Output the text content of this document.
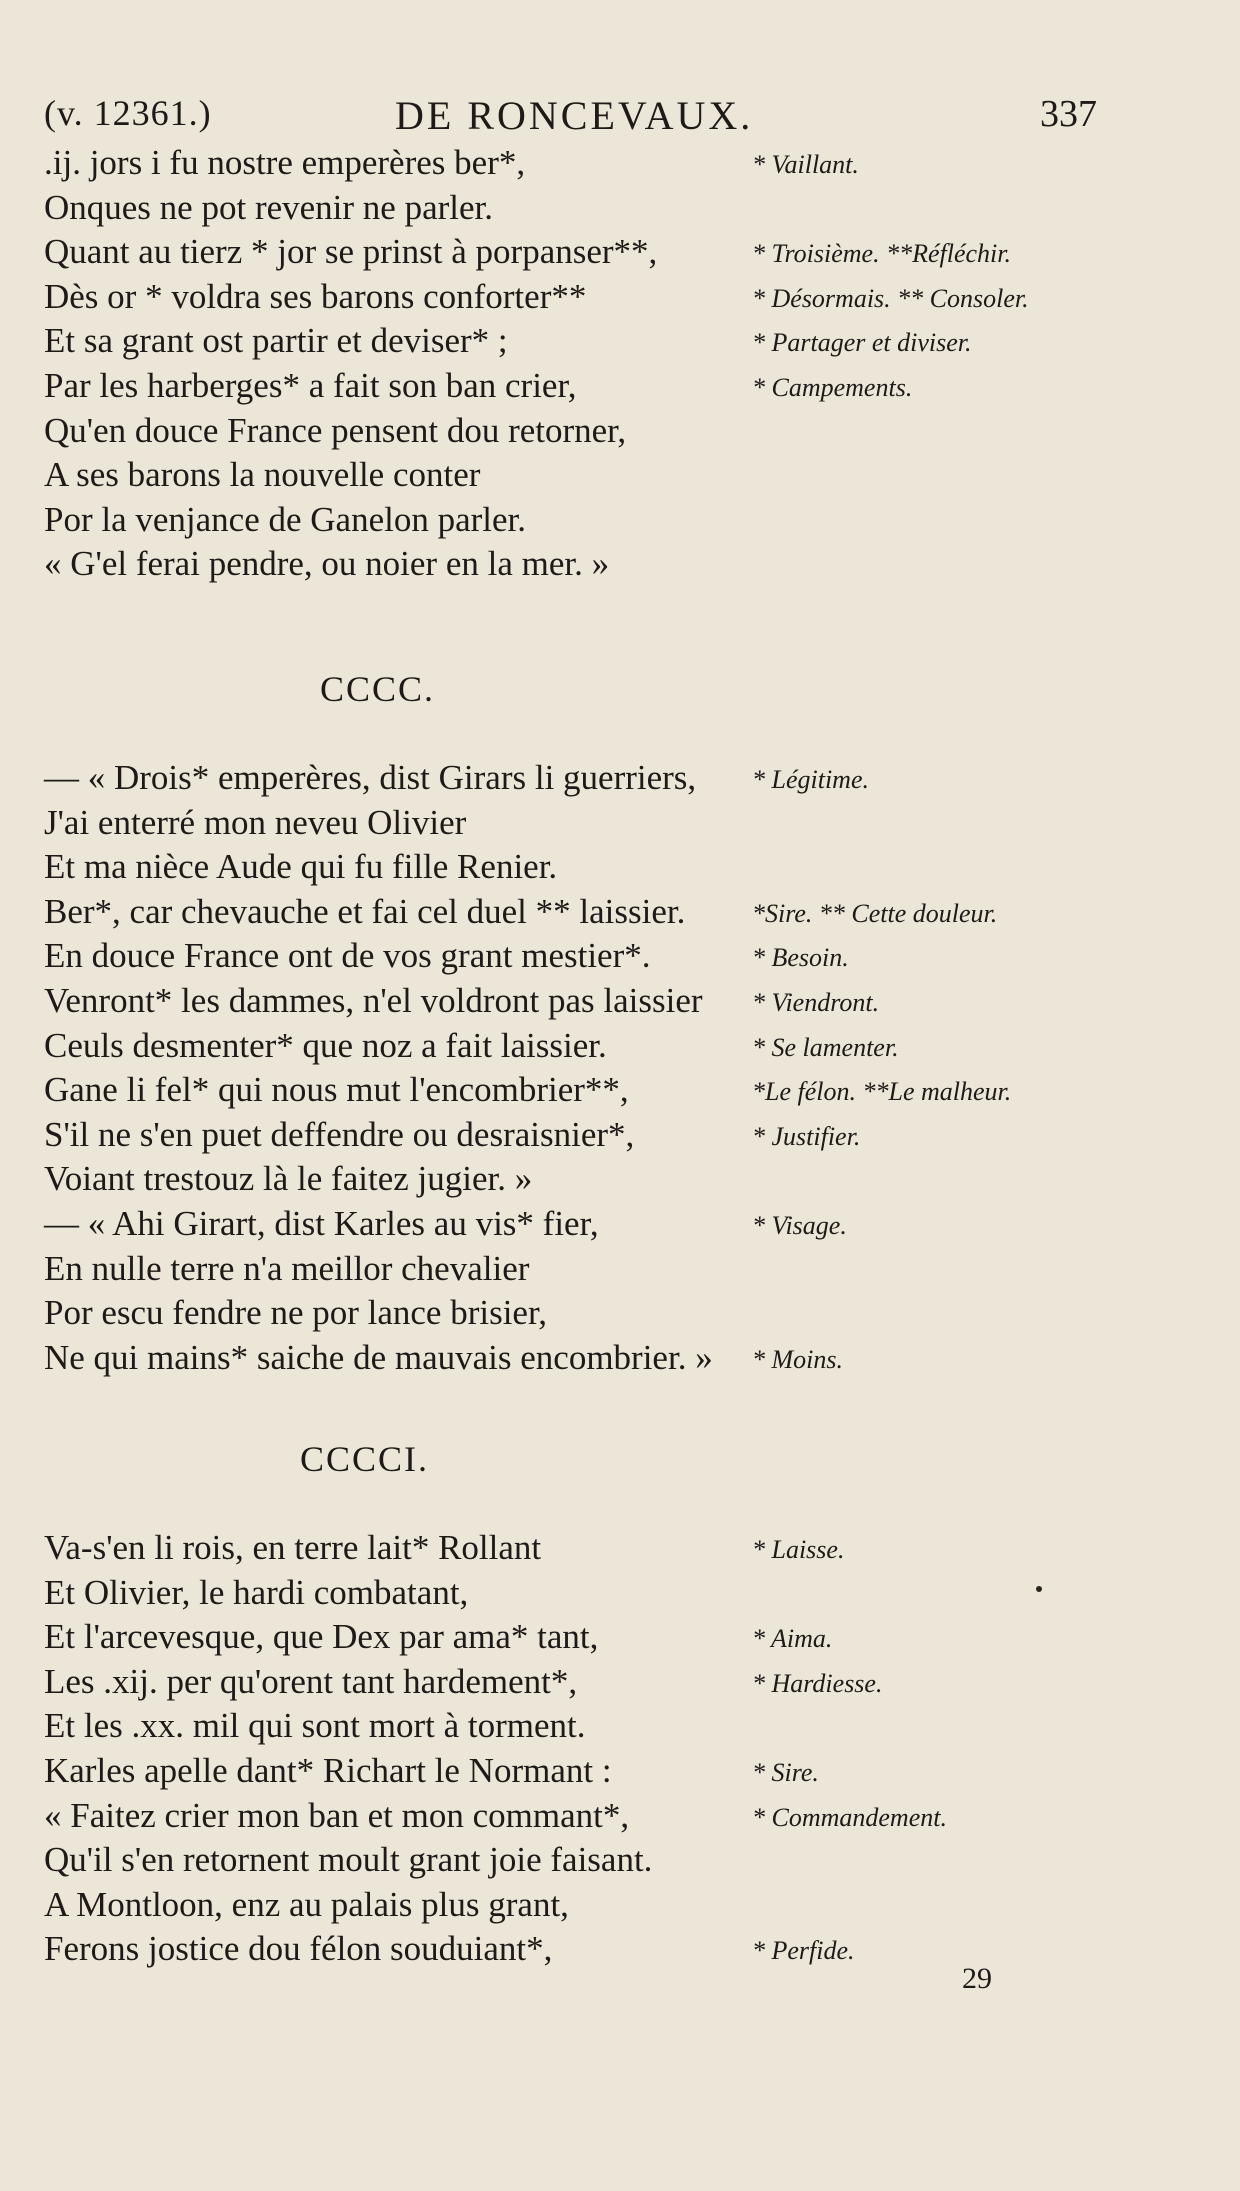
(v. 12361.)	DE RONCEVAUX.	337
.ij. jors i fu nostre emperères ber*,	* Vaillant.
Onques ne pot revenir ne parler.
Quant au tierz * jor se prinst à porpanser**,	* Troisième. **Réfléchir.
Dès or * voldra ses barons conforter**	* Désormais. ** Consoler.
Et sa grant ost partir et deviser* ;	* Partager et diviser.
Par les harberges* a fait son ban crier,	* Campements.
Qu'en douce France pensent dou retorner,
A ses barons la nouvelle conter
Por la venjance de Ganelon parler.
« G'el ferai pendre, ou noier en la mer. »
CCCC.
— « Drois* emperères, dist Girars li guerriers, * Légitime.
J'ai enterré mon neveu Olivier
Et ma nièce Aude qui fu fille Renier.
Ber*, car chevauche et fai cel duel ** laissier.	*Sire. ** Cette douleur.
En douce France ont de vos grant mestier*.	* Besoin.
Venront* les dammes, n'el voldront pas laissier * Viendront.
Ceuls desmenter* que noz a fait laissier.	* Se lamenter.
Gane li fel* qui nous mut l'encombrier**,	*Le félon. **Le malheur.
S'il ne s'en puet deffendre ou desraisnier*,	* Justifier.
Voiant trestouz là le faitez jugier. »
— « Ahi Girart, dist Karles au vis* fier,	* Visage.
En nulle terre n'a meillor chevalier
Por escu fendre ne por lance brisier,
Ne qui mains* saiche de mauvais encombrier. » * Moins.
CCCCI.
Va-s'en li rois, en terre lait* Rollant	* Laisse.
Et Olivier, le hardi combatant,
Et l'arcevesque, que Dex par ama* tant,	* Aima.
Les .xij. per qu'orent tant hardement*,	* Hardiesse.
Et les .xx. mil qui sont mort à torment.
Karles apelle dant* Richart le Normant :	* Sire.
« Faitez crier mon ban et mon commant*,	* Commandement.
Qu'il s'en retornent moult grant joie faisant.
A Montloon, enz au palais plus grant,
Ferons jostice dou félon souduiant*,	* Perfide.
29
